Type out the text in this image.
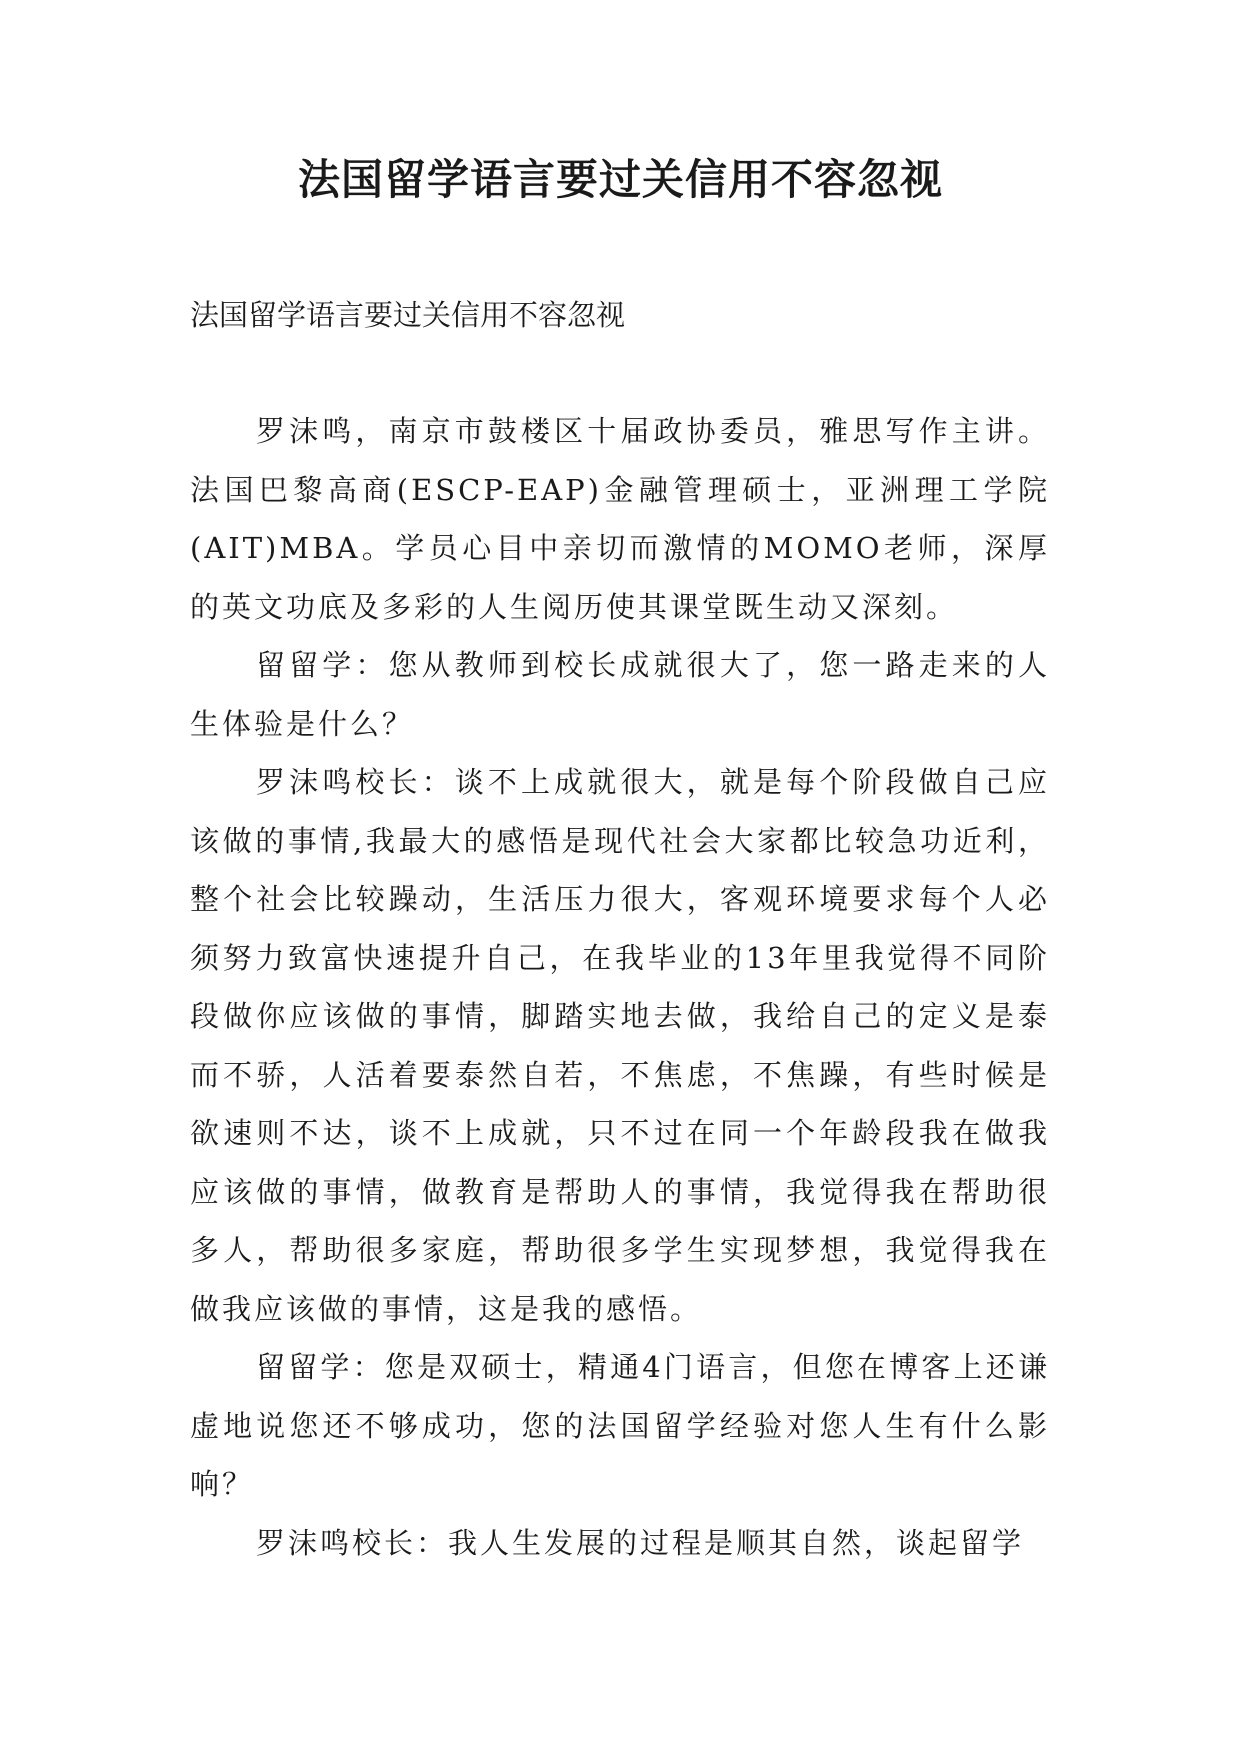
法国留学语言要过关信用不容忽视

法国留学语言要过关信用不容忽视

罗沫鸣，南京市鼓楼区十届政协委员，雅思写作主讲。法国巴黎高商(ESCP-EAP)金融管理硕士，亚洲理工学院(AIT)MBA。学员心目中亲切而激情的MOMO老师，深厚的英文功底及多彩的人生阅历使其课堂既生动又深刻。

留留学：您从教师到校长成就很大了，您一路走来的人生体验是什么？

罗沫鸣校长：谈不上成就很大，就是每个阶段做自己应该做的事情,我最大的感悟是现代社会大家都比较急功近利，整个社会比较躁动，生活压力很大，客观环境要求每个人必须努力致富快速提升自己，在我毕业的13年里我觉得不同阶段做你应该做的事情，脚踏实地去做，我给自己的定义是泰而不骄，人活着要泰然自若，不焦虑，不焦躁，有些时候是欲速则不达，谈不上成就，只不过在同一个年龄段我在做我应该做的事情，做教育是帮助人的事情，我觉得我在帮助很多人，帮助很多家庭，帮助很多学生实现梦想，我觉得我在做我应该做的事情，这是我的感悟。

留留学：您是双硕士，精通4门语言，但您在博客上还谦虚地说您还不够成功，您的法国留学经验对您人生有什么影响？

罗沫鸣校长：我人生发展的过程是顺其自然，谈起留学
